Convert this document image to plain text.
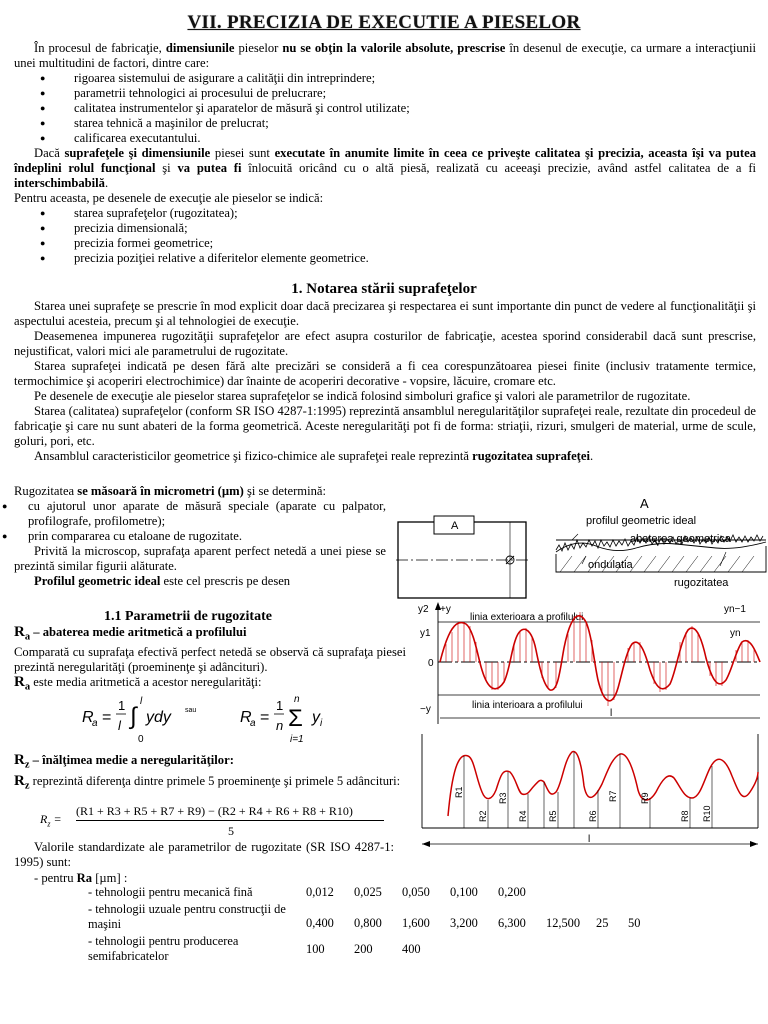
VII. PRECIZIA DE EXECUTIE A PIESELOR

În procesul de fabricaţie, dimensiunile pieselor nu se obţin la valorile absolute, prescrise în desenul de execuţie, ca urmare a interacţiunii unei multitudini de factori, dintre care:

● rigoarea sistemului de asigurare a calităţii din intreprindere;
● parametrii tehnologici ai procesului de prelucrare;
● calitatea instrumentelor şi aparatelor de măsură şi control utilizate;
● starea tehnică a maşinilor de prelucrat;
● calificarea executantului.

Dacă suprafeţele şi dimensiunile piesei sunt executate în anumite limite în ceea ce priveşte calitatea şi precizia, aceasta îşi va putea îndeplini rolul funcţional şi va putea fi înlocuită oricând cu o altă piesă, realizată cu aceeaşi precizie, având astfel calitatea de a fi interschimbabilă.

Pentru aceasta, pe desenele de execuţie ale pieselor se indică:

● starea suprafeţelor (rugozitatea);
● precizia dimensională;
● precizia formei geometrice;
● precizia poziţiei relative a diferitelor elemente geometrice.
1. Notarea stării suprafeţelor

Starea unei suprafeţe se prescrie în mod explicit doar dacă precizarea şi respectarea ei sunt importante din punct de vedere al funcţionalităţii şi aspectului acesteia, precum şi al tehnologiei de execuţie.

Deasemenea impunerea rugozităţii suprafeţelor are efect asupra costurilor de fabricaţie, acestea sporind considerabil dacă sunt prescrise, nejustificat, valori mici ale parametrului de rugozitate.

Starea suprafeţei indicată pe desen fără alte precizări se consideră a fi cea corespunzătoarea piesei finite (inclusiv tratamente termice, termochimice şi acoperiri electrochimice) dar înainte de acoperiri decorative - vopsire, lăcuire, cromare etc.

Pe desenele de execuţie ale pieselor starea suprafeţelor se indică folosind simboluri grafice şi valori ale parametrilor de rugozitate.

Starea (calitatea) suprafeţelor (conform SR ISO 4287-1:1995) reprezintă ansamblul neregularităţilor suprafeţei reale, rezultate din procedeul de fabricaţie şi care nu sunt abateri de la forma geometrică. Aceste neregularităţi pot fi de forma: striaţii, rizuri, smulgeri de material, urme de scule, goluri, pori, etc.

Ansamblul caracteristicilor geometrice şi fizico-chimice ale suprafeţei reale reprezintă rugozitatea suprafeţei.

Rugozitatea se măsoară în micrometri (µm) şi se determină:

● cu ajutorul unor aparate de măsură speciale (aparate cu palpator, profilografe, profilometre);
● prin compararea cu etaloane de rugozitate.

Privită la microscop, suprafaţa aparent perfect netedă a unei piese se prezintă similar figurii alăturate.

Profilul geometric ideal este cel prescris pe desen

A
A
profilul geometric ideal
abaterea geometrica
ondulatia
rugozitatea
1.1 Parametrii de rugozitate

$R_a$ – abaterea medie aritmetică a profilului

Comparată cu suprafaţa efectivă perfect netedă se observă că suprafaţa piesei prezintă neregularităţi (proeminenţe şi adâncituri).

$R_a$ este media aritmetică a acestor neregularităţi:

R
a =
1
l ∫
l
0
ydy	R
a =
1
n Σ
n
i=1
y i
sau
y2 +y
y1
0
−y
linia exterioara a profilului
linia interioara a profilului
yn−1
yn
l

$R_z$ – înălţimea medie a neregularităţilor:

$R_z$ reprezintă diferenţa dintre primele 5 proeminenţe şi primele 5 adâncituri:

$R_z$ =
(R1 + R3 + R5 + R7 + R9) − (R2 + R4 + R6 + R8 + R10)
5
R1
R2
R3
R4 R5	R6
R7 R9
R8 R10
l

Valorile standardizate ale parametrilor de rugozitate (SR ISO 4287-1: 1995) sunt:

- pentru Ra [µm] :

- tehnologii pentru mecanică fină	0,012	0,025	0,050	0,100	0,200			
- tehnologii uzuale pentru construcţii de maşini	0,400	0,800	1,600	3,200	6,300	12,500	25	50
- tehnologii pentru producerea semifabricatelor	100	200	400					
